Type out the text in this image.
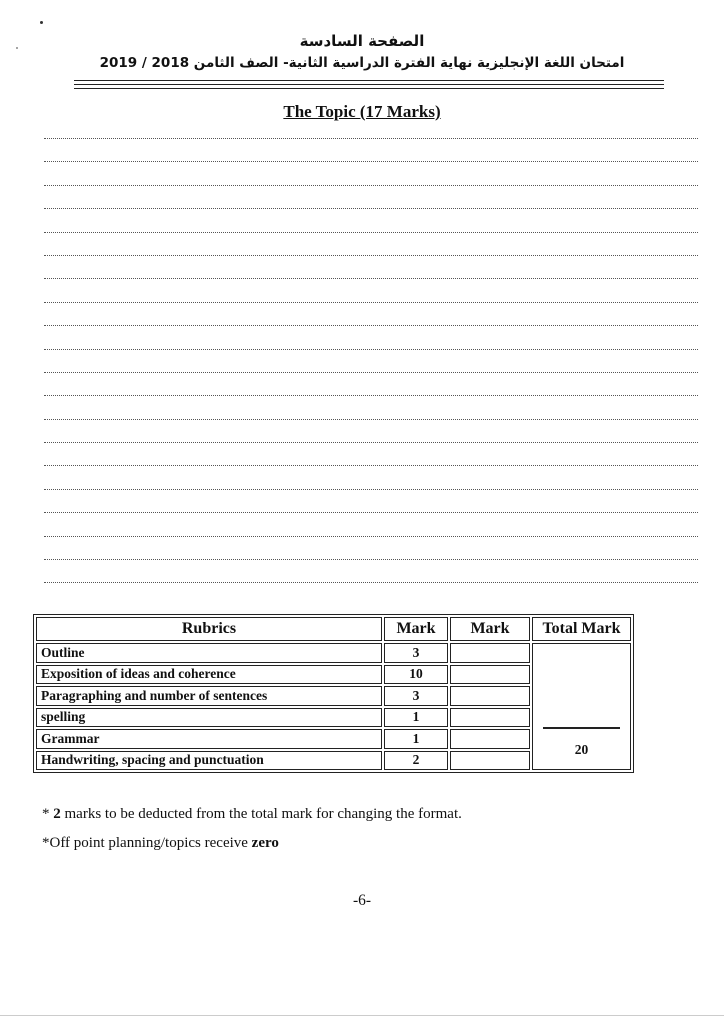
الصفحة السادسة
امتحان اللغة الإنجليزية نهاية الفترة الدراسية الثانية- الصف الثامن 2018 / 2019
The Topic (17 Marks)
Rubrics	Mark	Mark	Total Mark
Outline	3		20

Exposition of ideas and coherence	10		
Paragraphing and number of sentences	3		
spelling	1		
Grammar	1		
Handwriting, spacing and punctuation	2		
* 2 marks to be deducted from the total mark for changing the format.
*Off point planning/topics receive zero
-6-
